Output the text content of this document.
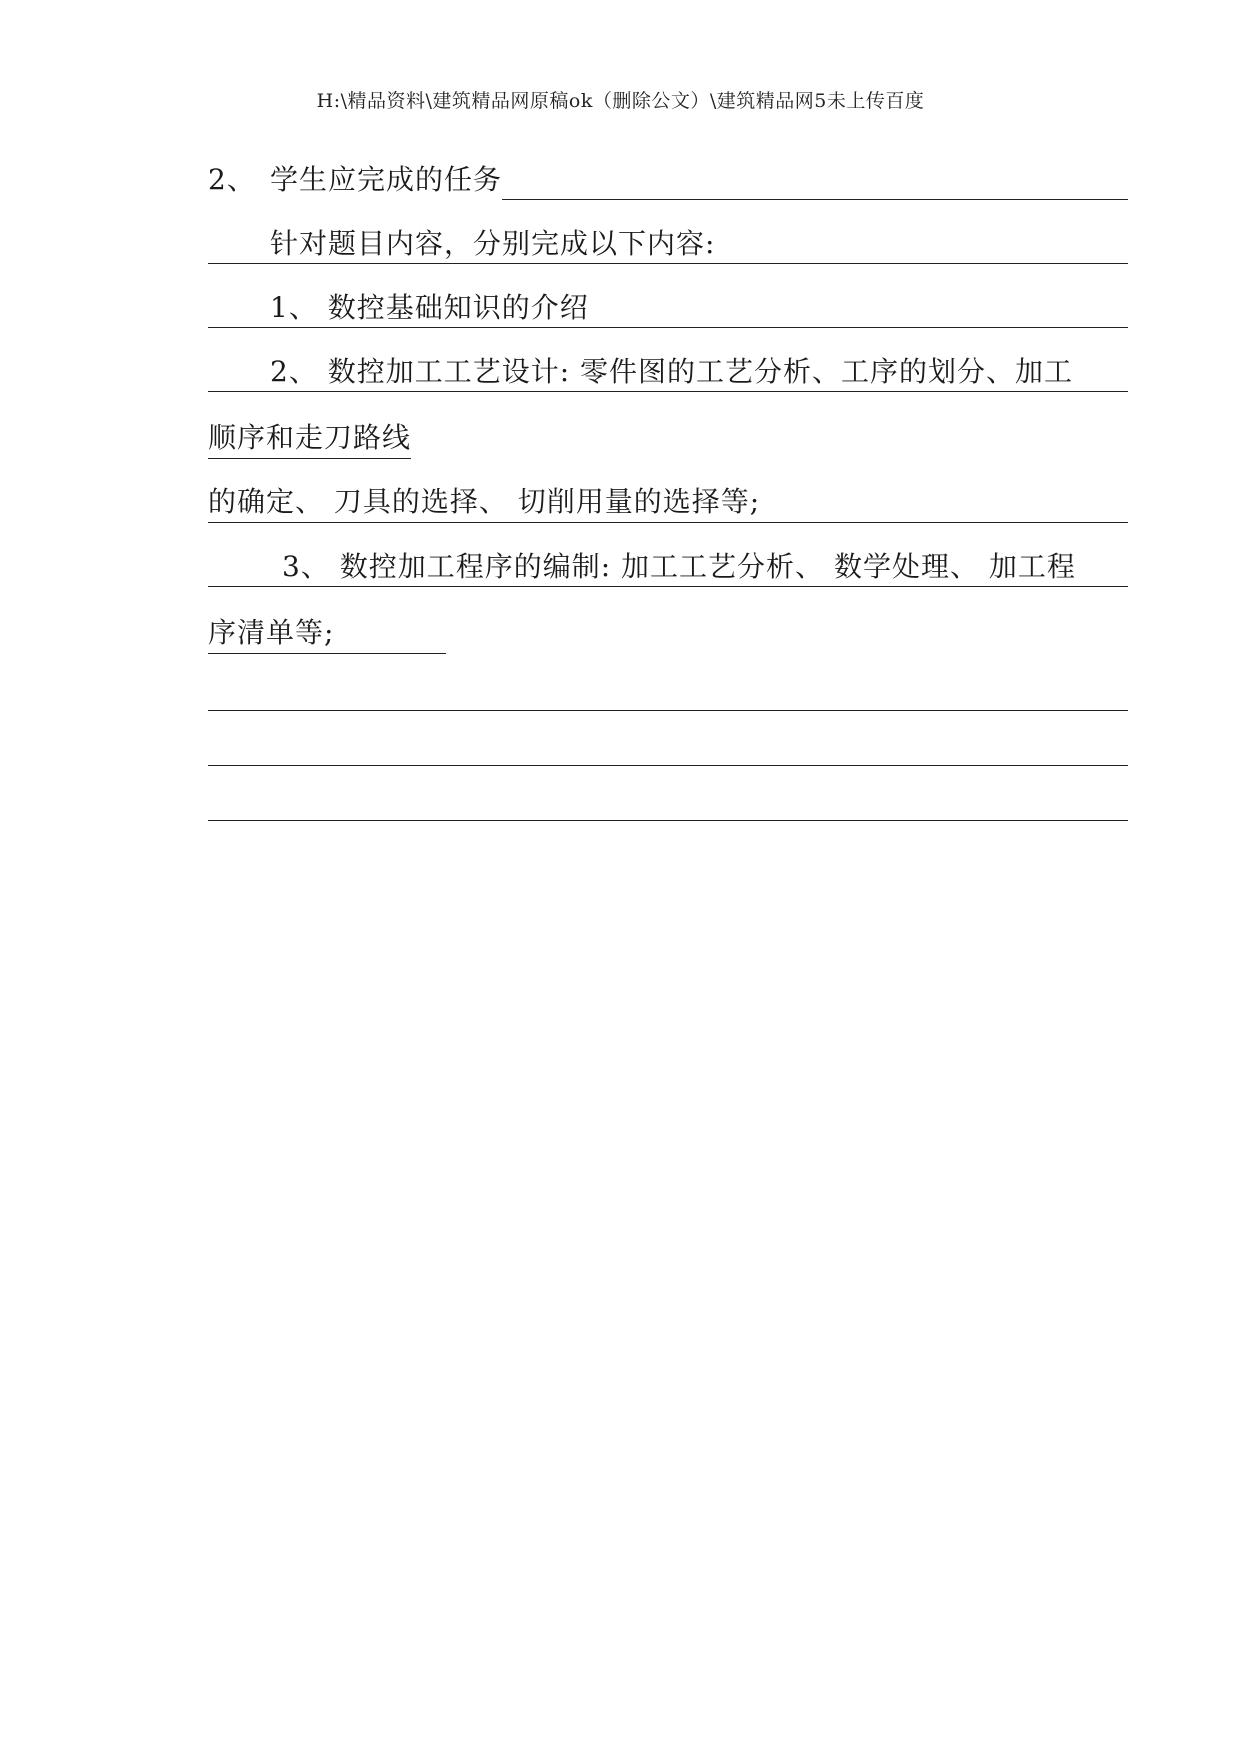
H:\精品资料\建筑精品网原稿ok（删除公文）\建筑精品网5未上传百度
2、 学生应完成的任务
针对题目内容，分别完成以下内容:
1、 数控基础知识的介绍
2、 数控加工工艺设计: 零件图的工艺分析、工序的划分、加工
顺序和走刀路线
的确定、 刀具的选择、 切削用量的选择等;
3、 数控加工程序的编制: 加工工艺分析、 数学处理、 加工程
序清单等;
